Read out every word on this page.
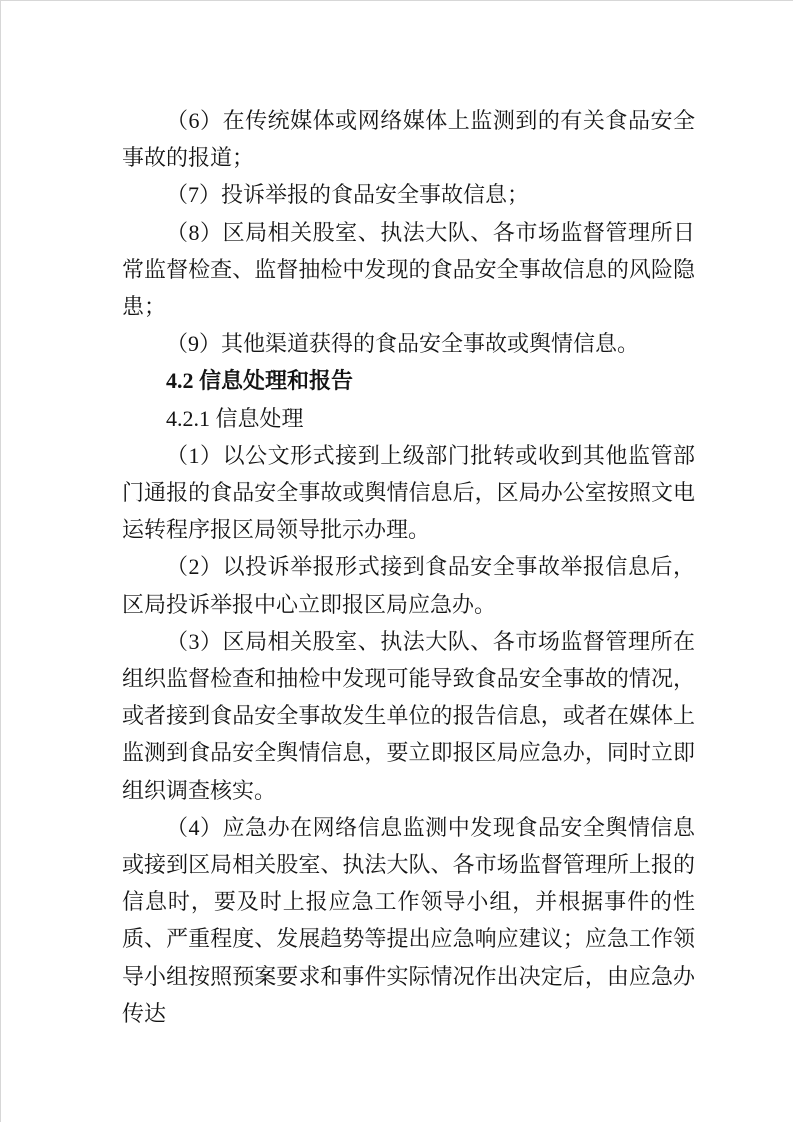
（6）在传统媒体或网络媒体上监测到的有关食品安全事故的报道；

（7）投诉举报的食品安全事故信息；

（8）区局相关股室、执法大队、各市场监督管理所日常监督检查、监督抽检中发现的食品安全事故信息的风险隐患；

（9）其他渠道获得的食品安全事故或舆情信息。

4.2 信息处理和报告

4.2.1 信息处理

（1）以公文形式接到上级部门批转或收到其他监管部门通报的食品安全事故或舆情信息后，区局办公室按照文电运转程序报区局领导批示办理。

（2）以投诉举报形式接到食品安全事故举报信息后，区局投诉举报中心立即报区局应急办。

（3）区局相关股室、执法大队、各市场监督管理所在组织监督检查和抽检中发现可能导致食品安全事故的情况，或者接到食品安全事故发生单位的报告信息，或者在媒体上监测到食品安全舆情信息，要立即报区局应急办，同时立即组织调查核实。

（4）应急办在网络信息监测中发现食品安全舆情信息或接到区局相关股室、执法大队、各市场监督管理所上报的信息时，要及时上报应急工作领导小组，并根据事件的性质、严重程度、发展趋势等提出应急响应建议；应急工作领导小组按照预案要求和事件实际情况作出决定后，由应急办传达
